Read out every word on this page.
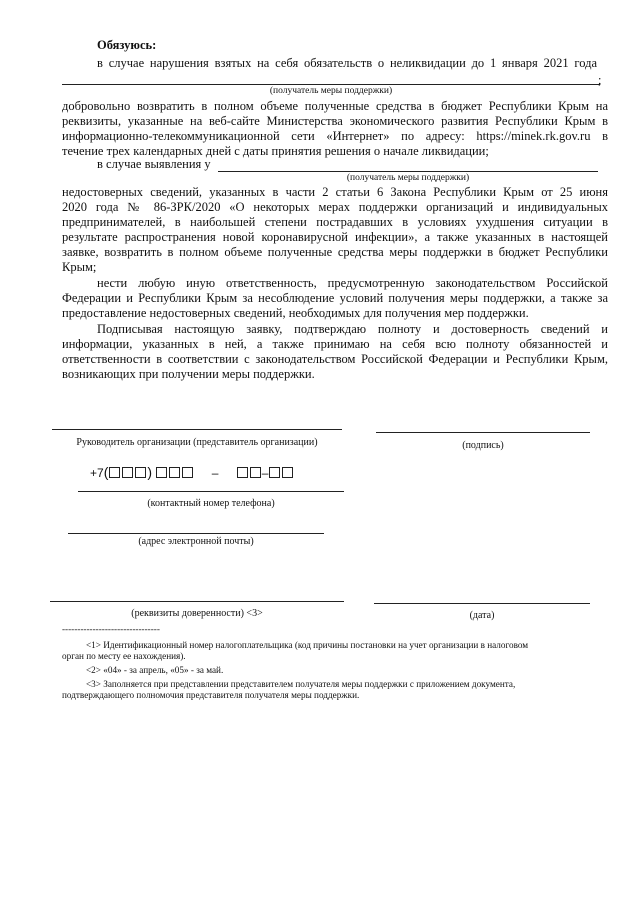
Обязуюсь:
в случае нарушения взятых на себя обязательств о неликвидации до 1 января 2021 года
;
(получатель меры поддержки)
добровольно возвратить в полном объеме полученные средства в бюджет Республики Крым на
реквизиты, указанные на веб-сайте Министерства экономического развития Республики Крым в
информационно-телекоммуникационной сети «Интернет» по адресу: https://minek.rk.gov.ru в
течение трех календарных дней с даты принятия решения о начале ликвидации;
в случае выявления у
(получатель меры поддержки)
недостоверных сведений, указанных в части 2 статьи 6 Закона Республики Крым от 25 июня
2020 года № 86-ЗРК/2020 «О некоторых мерах поддержки организаций и индивидуальных
предпринимателей, в наибольшей степени пострадавших в условиях ухудшения ситуации в
результате распространения новой коронавирусной инфекции», а также указанных в настоящей
заявке, возвратить в полном объеме полученные средства меры поддержки в бюджет Республики
Крым;
нести любую иную ответственность, предусмотренную законодательством Российской
Федерации и Республики Крым за несоблюдение условий получения меры поддержки, а также за
предоставление недостоверных сведений, необходимых для получения мер поддержки.
Подписывая настоящую заявку, подтверждаю полноту и достоверность сведений и
информации, указанных в ней, а также принимаю на себя всю полноту обязанностей и
ответственности в соответствии с законодательством Российской Федерации и Республики Крым,
возникающих при получении меры поддержки.
Руководитель организации (представитель организации)	(подпись)
+7(	)	–	–
(контактный номер телефона)
(адрес электронной почты)
(реквизиты доверенности) <3>	(дата)
--------------------------------
<1> Идентификационный номер налогоплательщика (код причины постановки на учет организации в налоговом
орган по месту ее нахождения).
<2> «04» - за апрель, «05» - за май.
<3> Заполняется при представлении представителем получателя меры поддержки с приложением документа,
подтверждающего полномочия представителя получателя меры поддержки.
